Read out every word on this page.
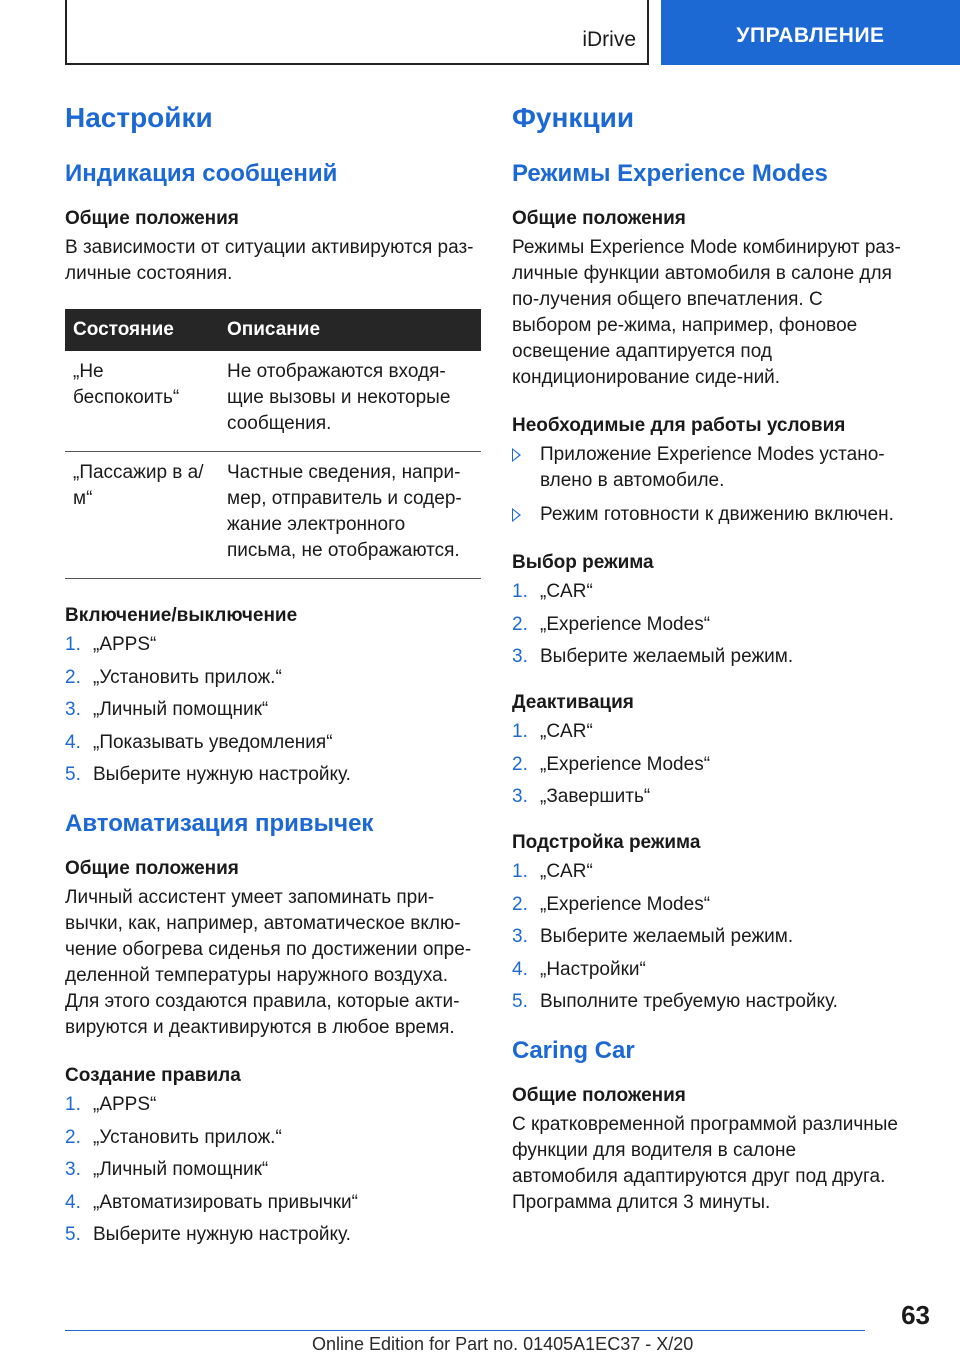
iDrive	УПРАВЛЕНИЕ
Настройки
Индикация сообщений
Общие положения

В зависимости от ситуации активируются раз-личные состояния.

Состояние	Описание
„Не беспокоить“	Не отображаются входя-щие вызовы и некоторые сообщения.
„Пассажир в а/м“	Частные сведения, напри-мер, отправитель и содер-жание электронного письма, не отображаются.
Включение/выключение
1. „APPS“
2. „Установить прилож.“
3. „Личный помощник“
4. „Показывать уведомления“
5. Выберите нужную настройку.
Автоматизация привычек
Общие положения

Личный ассистент умеет запоминать при-вычки, как, например, автоматическое вклю-чение обогрева сиденья по достижении опре-деленной температуры наружного воздуха. Для этого создаются правила, которые акти-вируются и деактивируются в любое время.

Создание правила
1. „APPS“
2. „Установить прилож.“
3. „Личный помощник“
4. „Автоматизировать привычки“
5. Выберите нужную настройку.
Функции
Режимы Experience Modes
Общие положения

Режимы Experience Mode комбинируют раз-личные функции автомобиля в салоне для по-лучения общего впечатления. С выбором ре-жима, например, фоновое освещение адаптируется под кондиционирование сиде-ний.

Необходимые для работы условия
Приложение Experience Modes устано-влено в автомобиле.
Режим готовности к движению включен.
Выбор режима
1. „CAR“
2. „Experience Modes“
3. Выберите желаемый режим.
Деактивация
1. „CAR“
2. „Experience Modes“
3. „Завершить“
Подстройка режима
1. „CAR“
2. „Experience Modes“
3. Выберите желаемый режим.
4. „Настройки“
5. Выполните требуемую настройку.
Caring Car
Общие положения

С кратковременной программой различные функции для водителя в салоне автомобиля адаптируются друг под друга. Программа длится 3 минуты.

63
Online Edition for Part no. 01405A1EC37 - X/20
